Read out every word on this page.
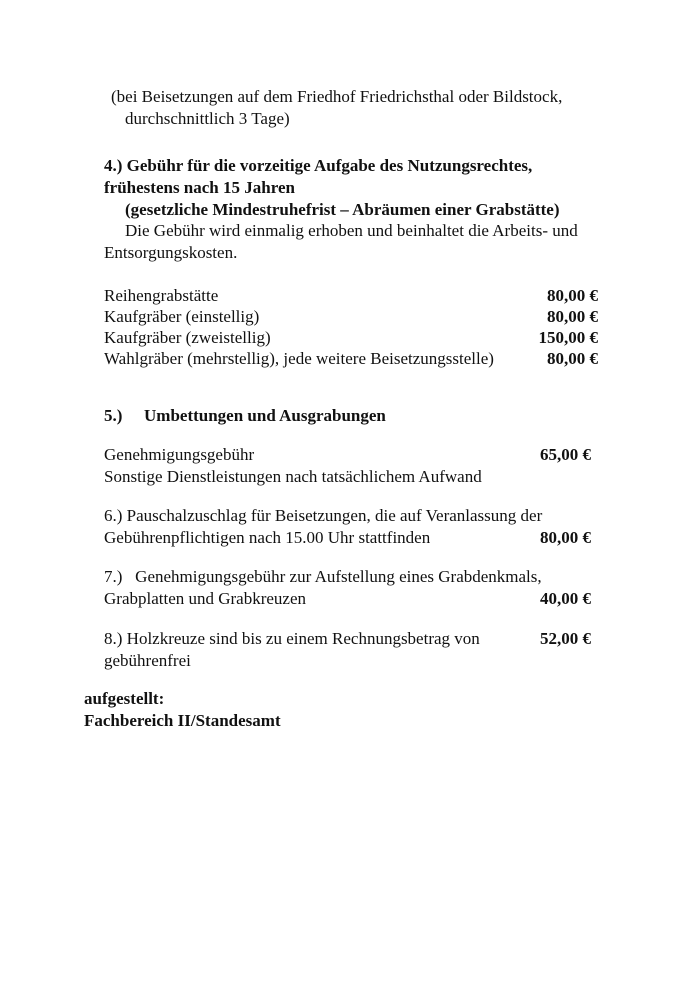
(bei Beisetzungen auf dem Friedhof Friedrichsthal oder Bildstock,
durchschnittlich 3 Tage)
4.) Gebühr für die vorzeitige Aufgabe des Nutzungsrechtes,
frühestens nach 15 Jahren
(gesetzliche Mindestruhefrist – Abräumen einer Grabstätte)
Die Gebühr wird einmalig erhoben und beinhaltet die Arbeits- und
Entsorgungskosten.
Reihengrabstätte	80,00 €
Kaufgräber (einstellig)	80,00 €
Kaufgräber (zweistellig)	150,00 €
Wahlgräber (mehrstellig), jede weitere Beisetzungsstelle)	80,00 €
5.) Umbettungen und Ausgrabungen
Genehmigungsgebühr	65,00 €
Sonstige Dienstleistungen nach tatsächlichem Aufwand
6.) Pauschalzuschlag für Beisetzungen, die auf Veranlassung der
Gebührenpflichtigen nach 15.00 Uhr stattfinden	80,00 €
7.)   Genehmigungsgebühr zur Aufstellung eines Grabdenkmals,
Grabplatten und Grabkreuzen	40,00 €
8.) Holzkreuze sind bis zu einem Rechnungsbetrag von	52,00 €
gebührenfrei
aufgestellt:
Fachbereich II/Standesamt
